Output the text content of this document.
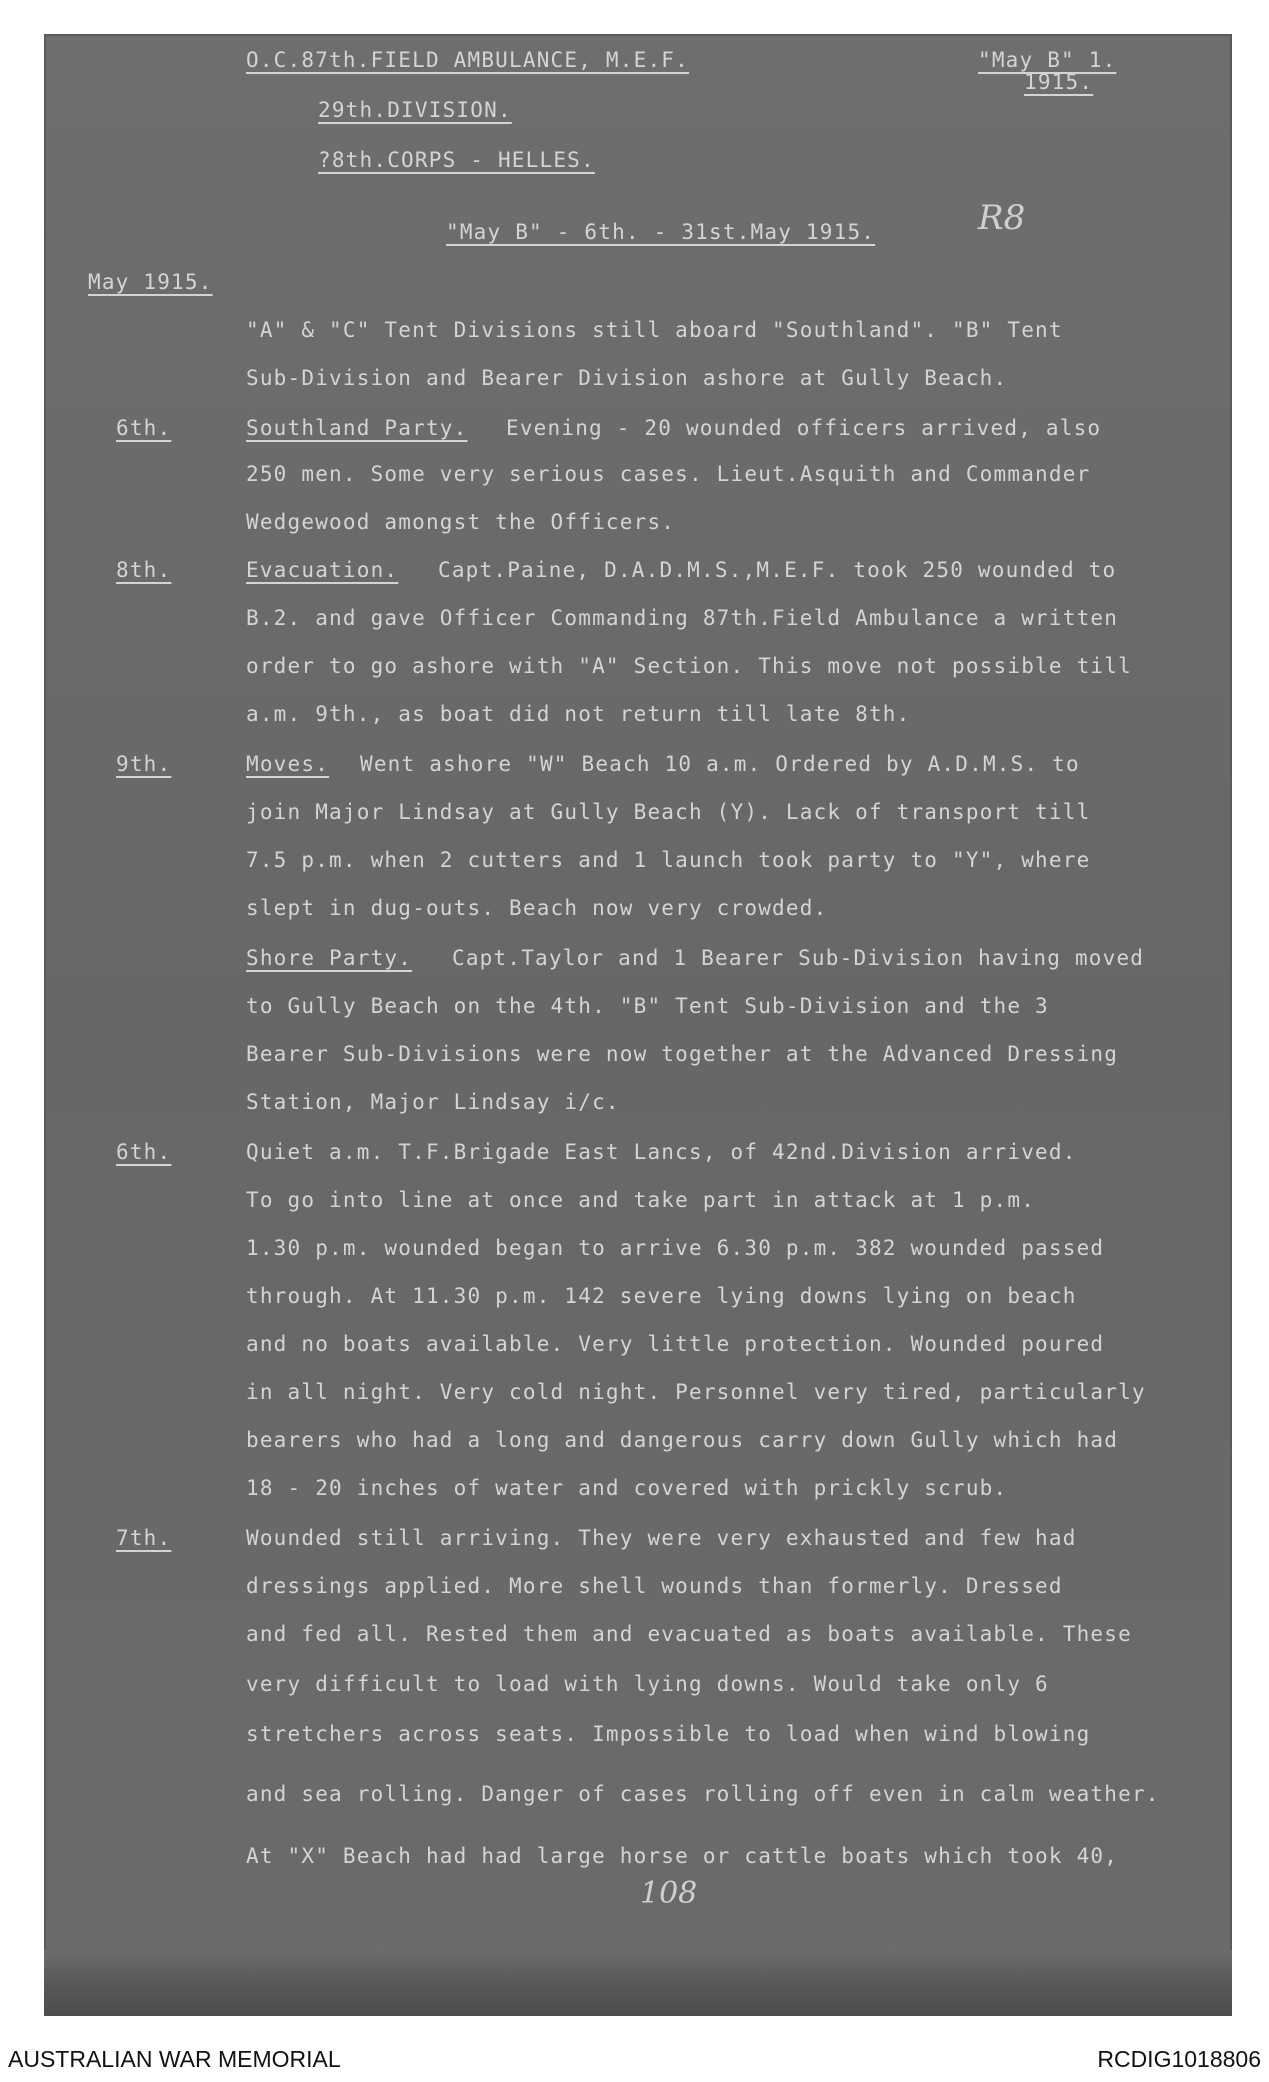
O.C.87th.FIELD AMBULANCE, M.E.F.
29th.DIVISION.
?8th.CORPS - HELLES.
"May B" 1.
1915.
"May B" - 6th. - 31st.May 1915.	R8
May 1915.
"A" & "C" Tent Divisions still aboard "Southland". "B" Tent
Sub-Division and Bearer Division ashore at Gully Beach.
6th.	Southland Party. Evening - 20 wounded officers arrived, also
250 men. Some very serious cases. Lieut.Asquith and Commander
Wedgewood amongst the Officers.
8th.	Evacuation. Capt.Paine, D.A.D.M.S.,M.E.F. took 250 wounded to
B.2. and gave Officer Commanding 87th.Field Ambulance a written
order to go ashore with "A" Section. This move not possible till
a.m. 9th., as boat did not return till late 8th.
9th.	Moves. Went ashore "W" Beach 10 a.m. Ordered by A.D.M.S. to
join Major Lindsay at Gully Beach (Y). Lack of transport till
7.5 p.m. when 2 cutters and 1 launch took party to "Y", where
slept in dug-outs. Beach now very crowded.
Shore Party. Capt.Taylor and 1 Bearer Sub-Division having moved
to Gully Beach on the 4th. "B" Tent Sub-Division and the 3
Bearer Sub-Divisions were now together at the Advanced Dressing
Station, Major Lindsay i/c.
6th.	Quiet a.m. T.F.Brigade East Lancs, of 42nd.Division arrived.
To go into line at once and take part in attack at 1 p.m.
1.30 p.m. wounded began to arrive 6.30 p.m. 382 wounded passed
through. At 11.30 p.m. 142 severe lying downs lying on beach
and no boats available. Very little protection. Wounded poured
in all night. Very cold night. Personnel very tired, particularly
bearers who had a long and dangerous carry down Gully which had
18 - 20 inches of water and covered with prickly scrub.
7th.	Wounded still arriving. They were very exhausted and few had
dressings applied. More shell wounds than formerly. Dressed
and fed all. Rested them and evacuated as boats available. These
very difficult to load with lying downs. Would take only 6
stretchers across seats. Impossible to load when wind blowing
and sea rolling. Danger of cases rolling off even in calm weather.
At "X" Beach had had large horse or cattle boats which took 40,
108
AUSTRALIAN WAR MEMORIAL	RCDIG1018806
